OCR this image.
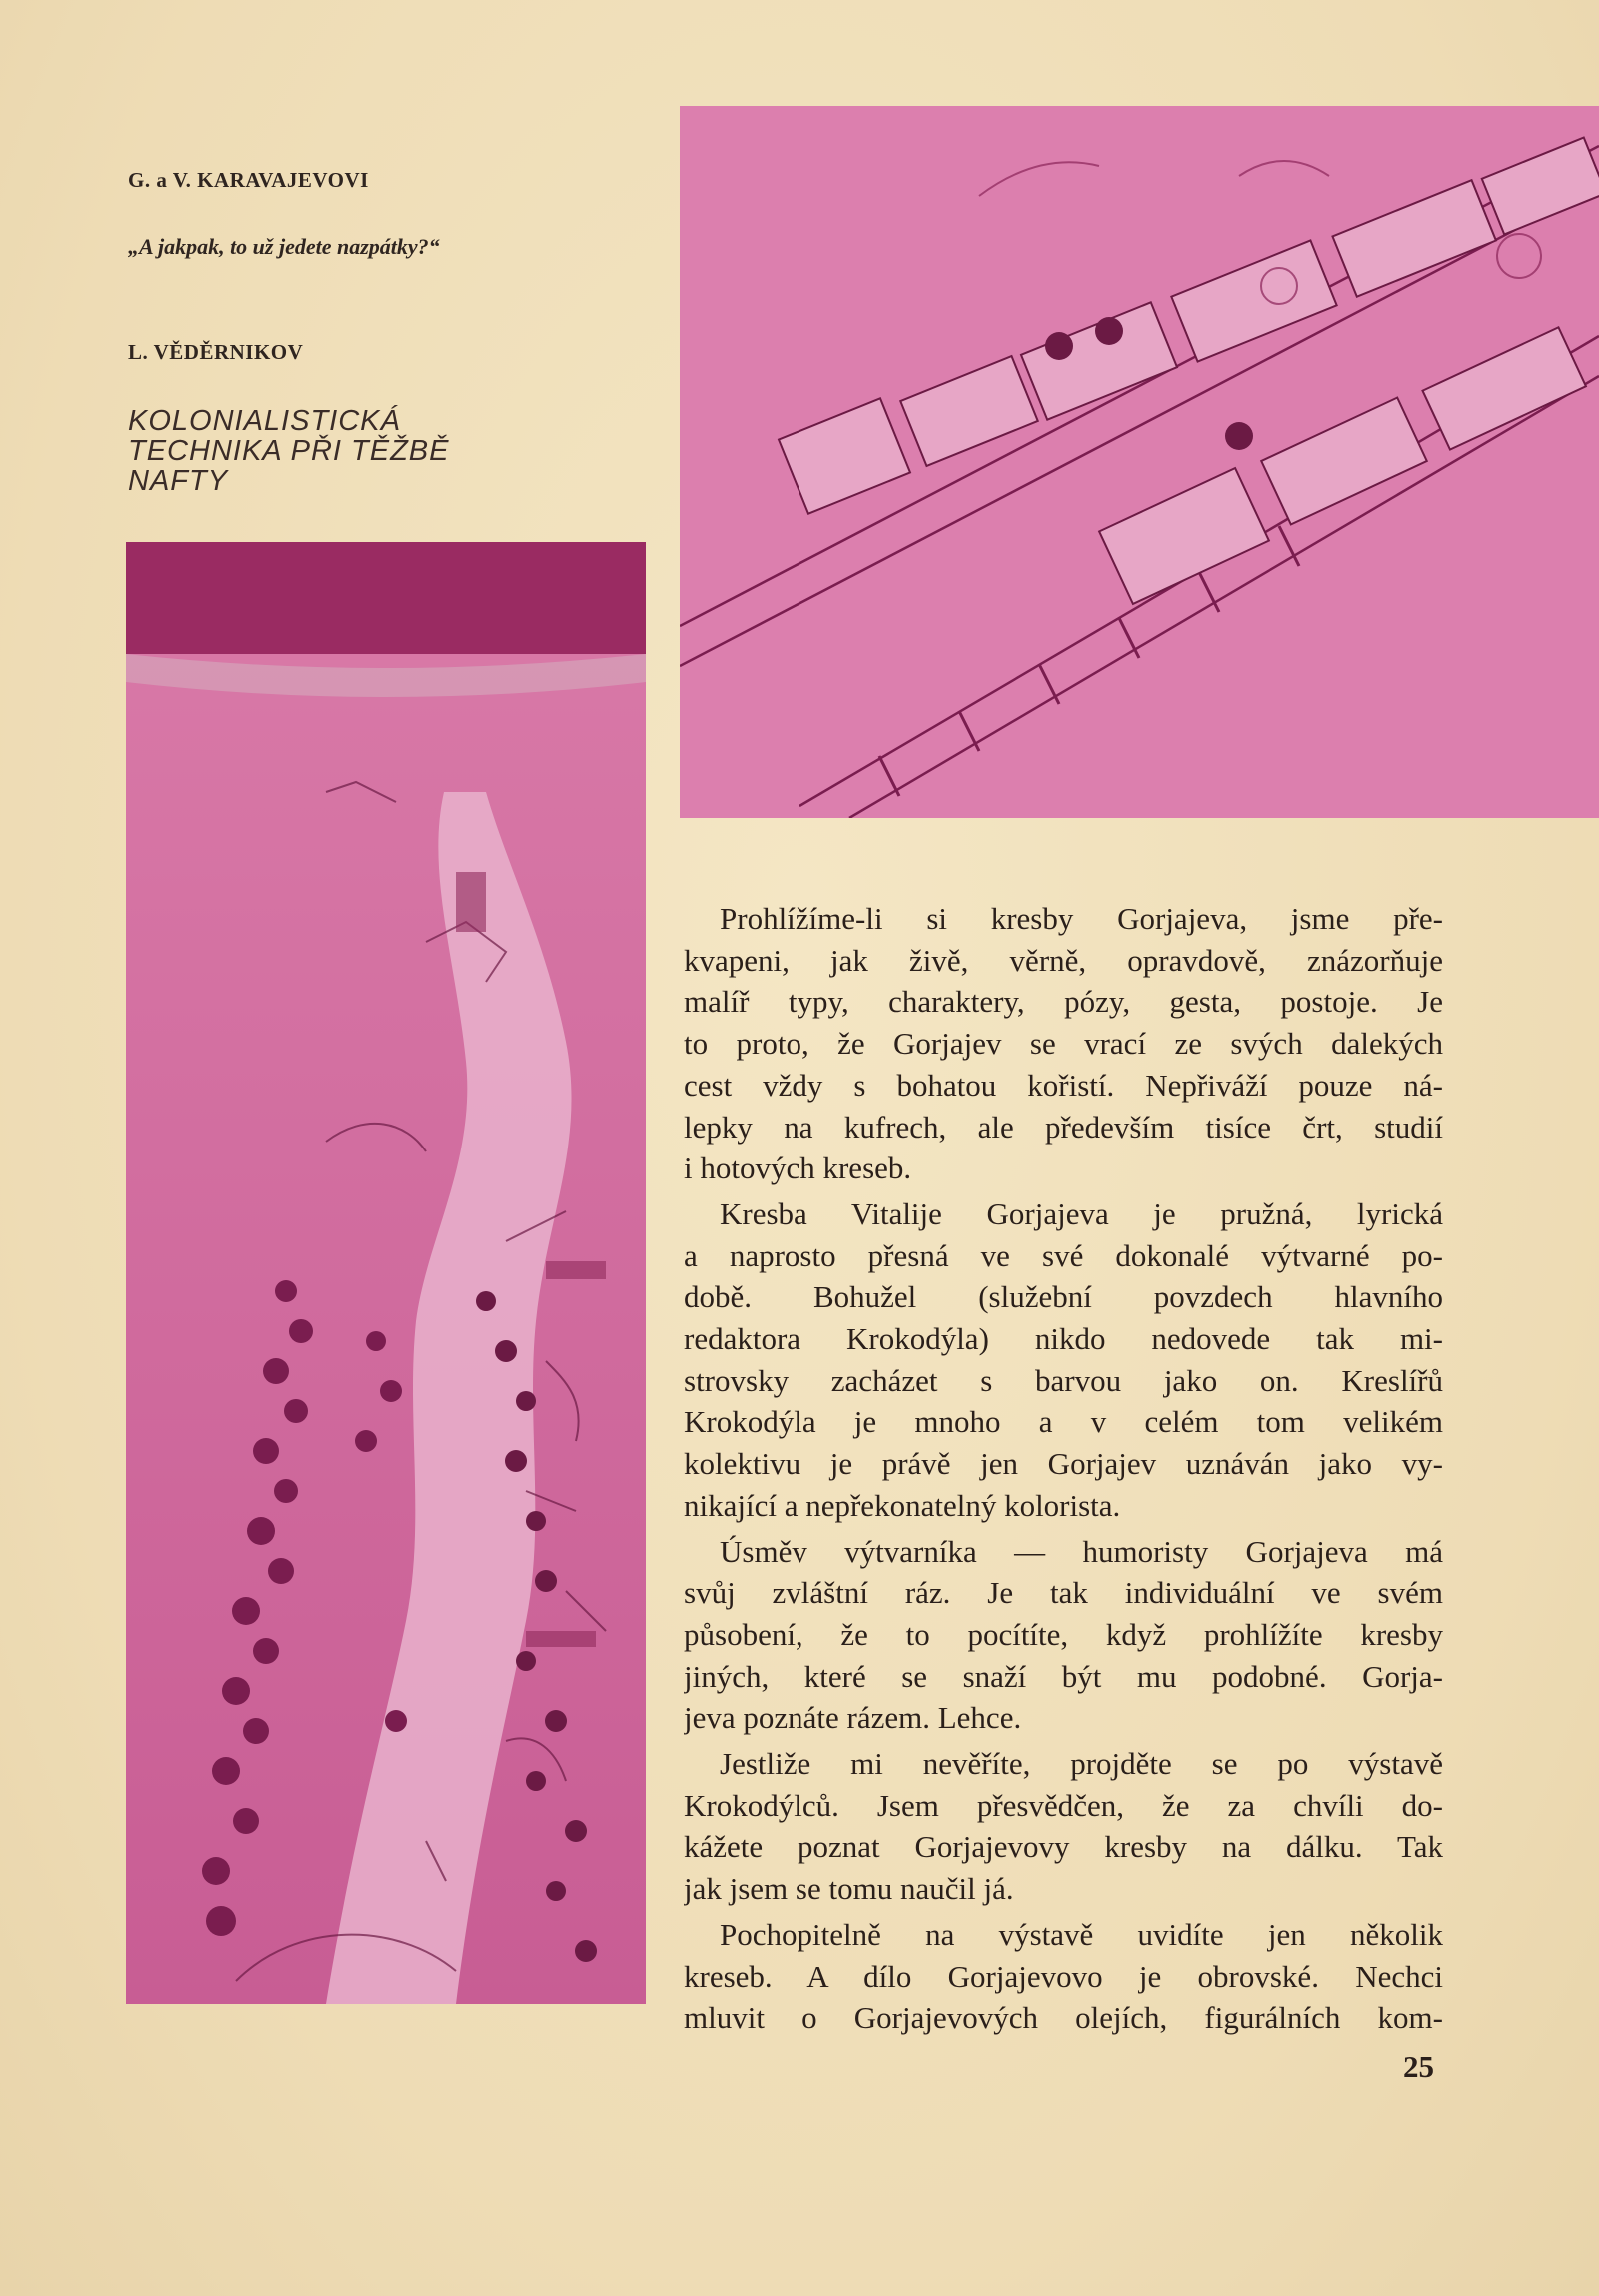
G. a V. KARAVAJEVOVI
„A jakpak, to už jedete nazpátky?“
L. VĚDĚRNIKOV
KOLONIALISTICKÁ
TECHNIKA PŘI TĚŽBĚ
NAFTY

Prohlížíme-li si kresby Gorjajeva, jsme pře-
kvapeni, jak živě, věrně, opravdově, znázorňuje
malíř typy, charaktery, pózy, gesta, postoje. Je
to proto, že Gorjajev se vrací ze svých dalekých
cest vždy s bohatou kořistí. Nepřiváží pouze ná-
lepky na kufrech, ale především tisíce črt, studií
i hotových kreseb.

Kresba Vitalije Gorjajeva je pružná, lyrická
a naprosto přesná ve své dokonalé výtvarné po-
době. Bohužel (služební povzdech hlavního
redaktora Krokodýla) nikdo nedovede tak mi-
strovsky zacházet s barvou jako on. Kreslířů
Krokodýla je mnoho a v celém tom velikém
kolektivu je právě jen Gorjajev uznáván jako vy-
nikající a nepřekonatelný kolorista.

Úsměv výtvarníka — humoristy Gorjajeva má
svůj zvláštní ráz. Je tak individuální ve svém
působení, že to pocítíte, když prohlížíte kresby
jiných, které se snaží být mu podobné. Gorja-
jeva poznáte rázem. Lehce.

Jestliže mi nevěříte, projděte se po výstavě
Krokodýlců. Jsem přesvědčen, že za chvíli do-
kážete poznat Gorjajevovy kresby na dálku. Tak
jak jsem se tomu naučil já.

Pochopitelně na výstavě uvidíte jen několik
kreseb. A dílo Gorjajevovo je obrovské. Nechci
mluvit o Gorjajevových olejích, figurálních kom-

25
